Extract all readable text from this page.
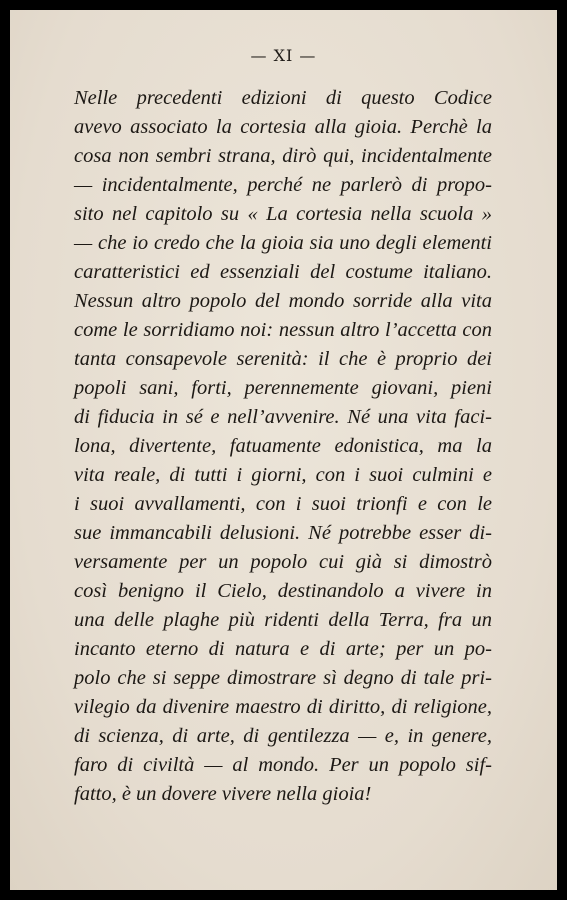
— XI —
Nelle precedenti edizioni di questo Codice
avevo associato la cortesia alla gioia. Perchè la
cosa non sembri strana, dirò qui, incidentalmente
— incidentalmente, perché ne parlerò di propo-
sito nel capitolo su « La cortesia nella scuola »
— che io credo che la gioia sia uno degli elementi
caratteristici ed essenziali del costume italiano.
Nessun altro popolo del mondo sorride alla vita
come le sorridiamo noi: nessun altro l’accetta con
tanta consapevole serenità: il che è proprio dei
popoli sani, forti, perennemente giovani, pieni
di fiducia in sé e nell’avvenire. Né una vita faci-
lona, divertente, fatuamente edonistica, ma la
vita reale, di tutti i giorni, con i suoi culmini e
i suoi avvallamenti, con i suoi trionfi e con le
sue immancabili delusioni. Né potrebbe esser di-
versamente per un popolo cui già si dimostrò
così benigno il Cielo, destinandolo a vivere in
una delle plaghe più ridenti della Terra, fra un
incanto eterno di natura e di arte; per un po-
polo che si seppe dimostrare sì degno di tale pri-
vilegio da divenire maestro di diritto, di religione,
di scienza, di arte, di gentilezza — e, in genere,
faro di civiltà — al mondo. Per un popolo sif-
fatto, è un dovere vivere nella gioia!
